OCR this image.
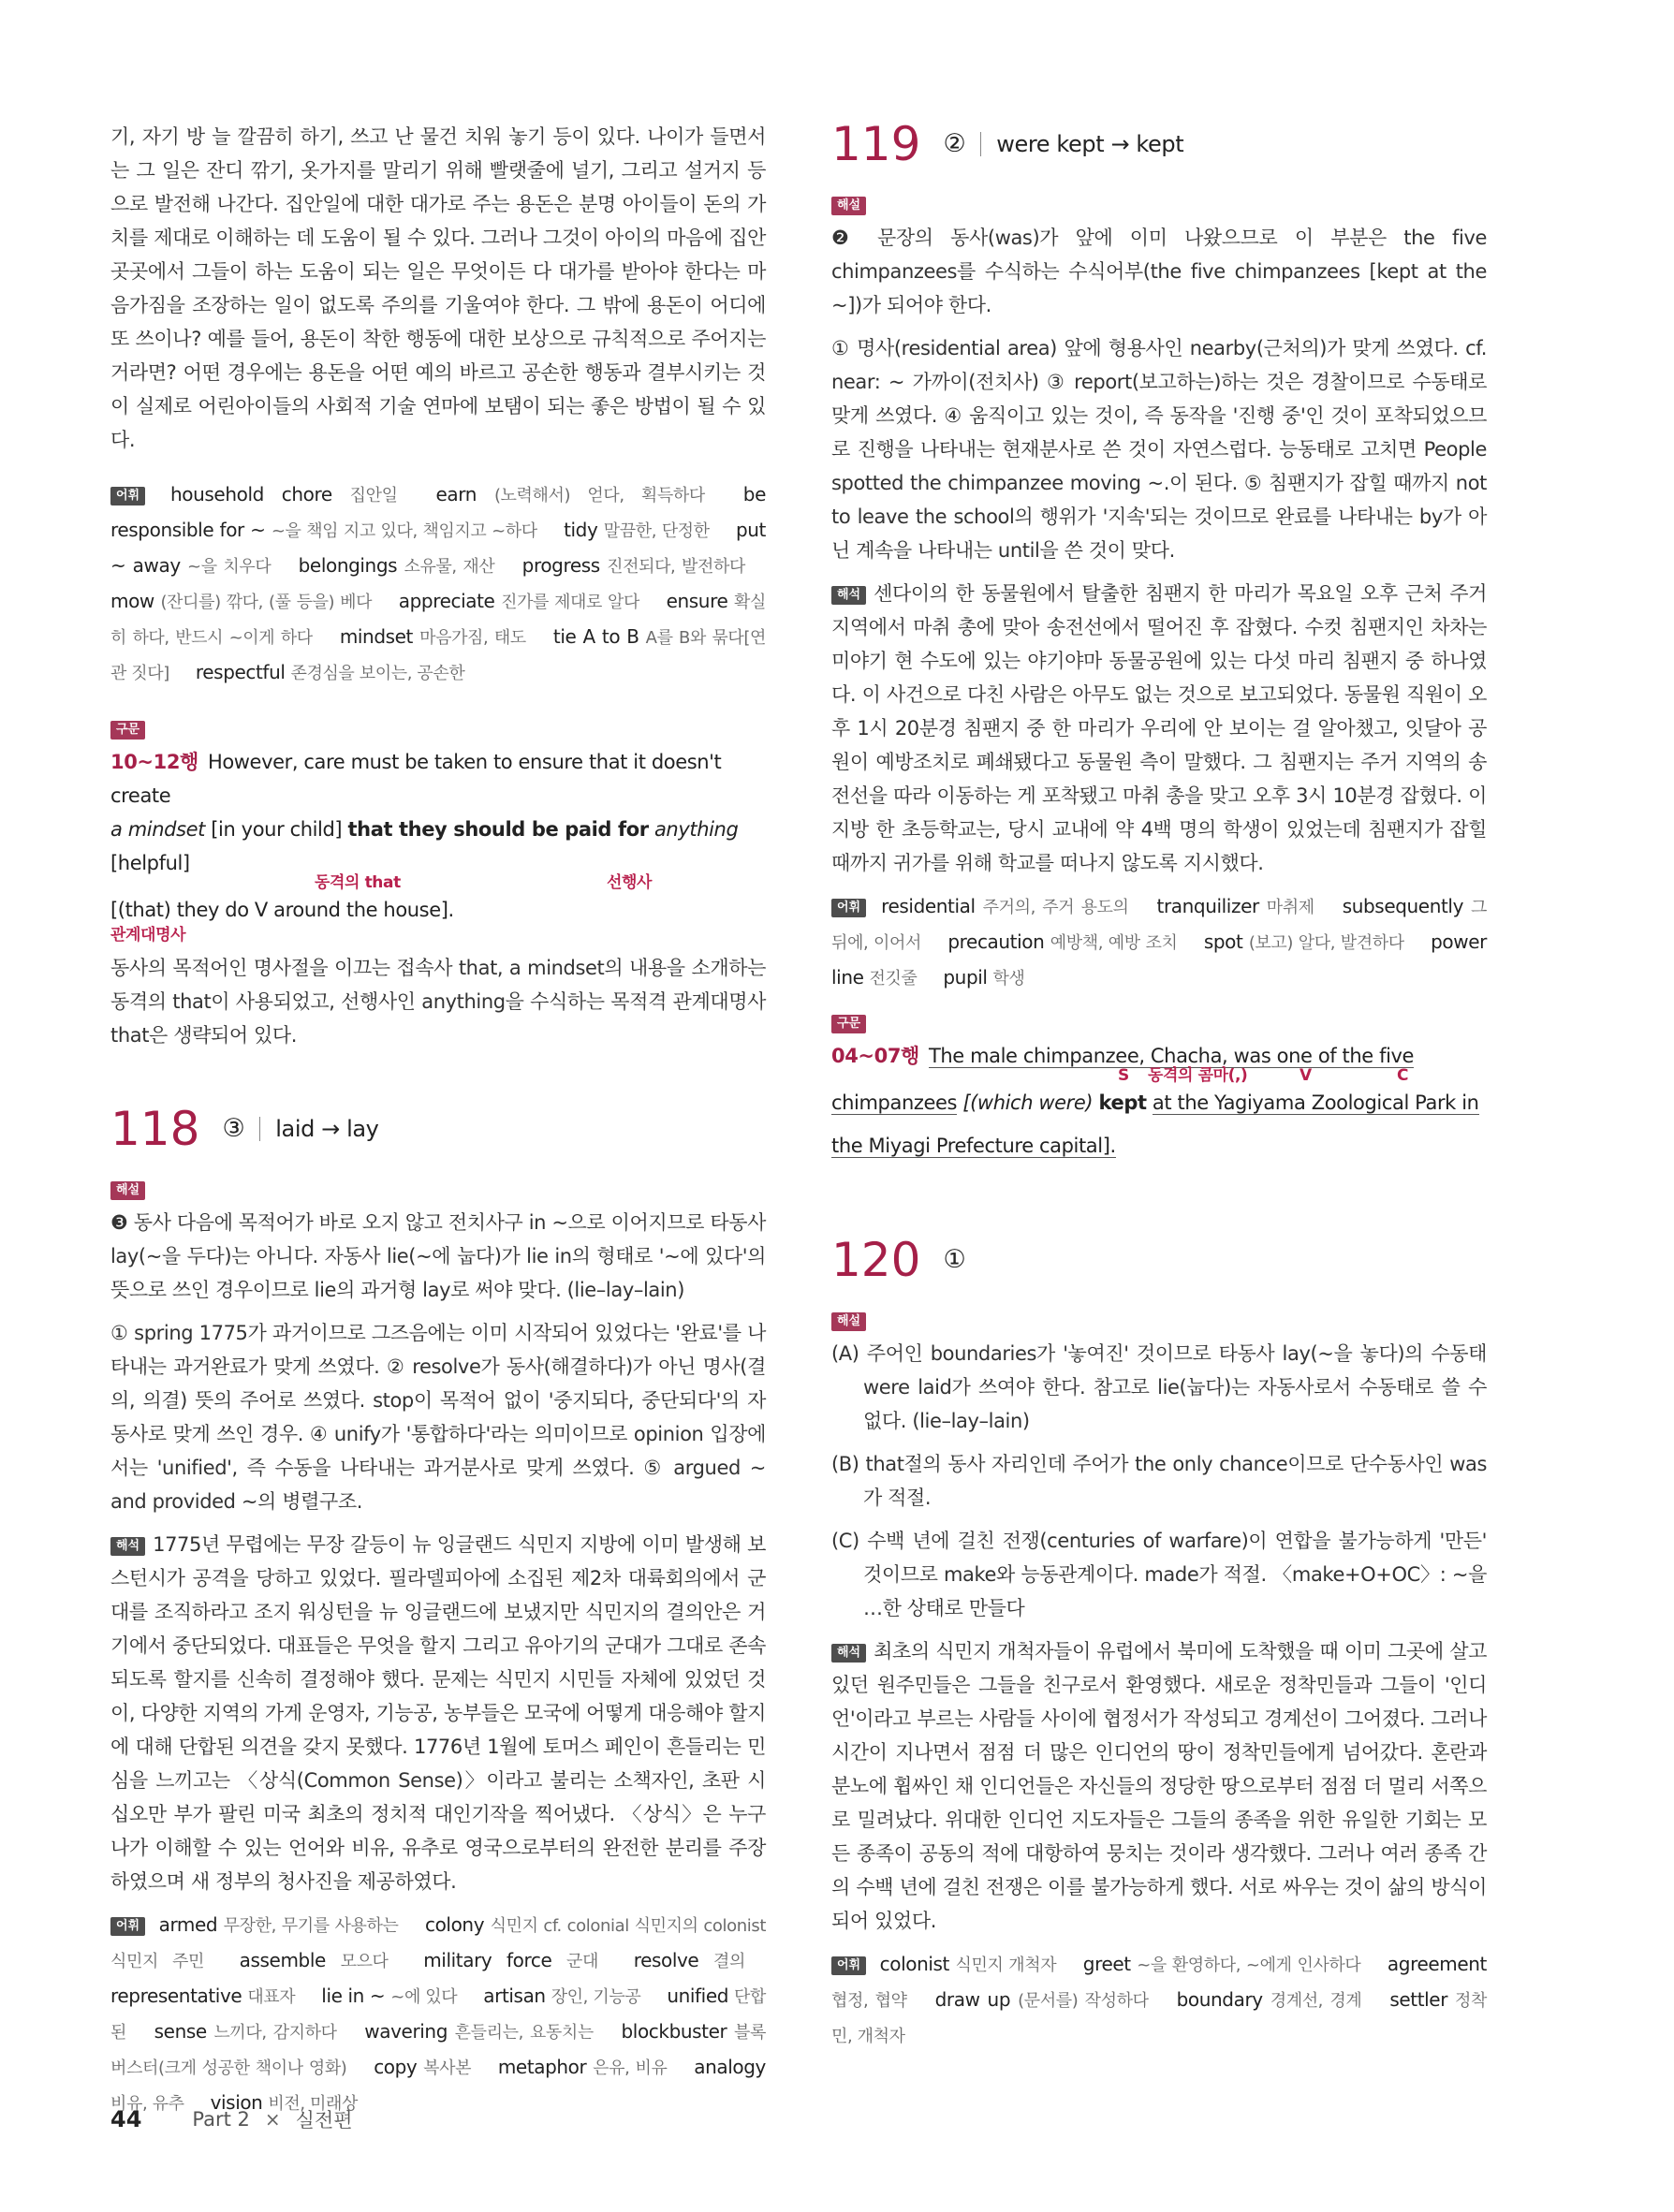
기, 자기 방 늘 깔끔히 하기, 쓰고 난 물건 치워 놓기 등이 있다. 나이가 들면서는 그 일은 잔디 깎기, 옷가지를 말리기 위해 빨랫줄에 널기, 그리고 설거지 등으로 발전해 나간다. 집안일에 대한 대가로 주는 용돈은 분명 아이들이 돈의 가치를 제대로 이해하는 데 도움이 될 수 있다. 그러나 그것이 아이의 마음에 집안 곳곳에서 그들이 하는 도움이 되는 일은 무엇이든 다 대가를 받아야 한다는 마음가짐을 조장하는 일이 없도록 주의를 기울여야 한다. 그 밖에 용돈이 어디에 또 쓰이나? 예를 들어, 용돈이 착한 행동에 대한 보상으로 규칙적으로 주어지는 거라면? 어떤 경우에는 용돈을 어떤 예의 바르고 공손한 행동과 결부시키는 것이 실제로 어린아이들의 사회적 기술 연마에 보탬이 되는 좋은 방법이 될 수 있다.

어휘 household chore 집안일 earn (노력해서) 얻다, 획득하다 be responsible for ~ ~을 책임 지고 있다, 책임지고 ~하다 tidy 말끔한, 단정한 put ~ away ~을 치우다 belongings 소유물, 재산 progress 진전되다, 발전하다 mow (잔디를) 깎다, (풀 등을) 베다 appreciate 진가를 제대로 알다 ensure 확실히 하다, 반드시 ~이게 하다 mindset 마음가짐, 태도 tie A to B A를 B와 묶다[연관 짓다] respectful 존경심을 보이는, 공손한

구문
10~12행 However, care must be taken to ensure that it doesn't create
a mindset [in your child] that they should be paid for anything [helpful]
동격의 that	선행사
[(that) they do V around the house].
관계대명사

동사의 목적어인 명사절을 이끄는 접속사 that, a mindset의 내용을 소개하는 동격의 that이 사용되었고, 선행사인 anything을 수식하는 목적격 관계대명사 that은 생략되어 있다.

118 ③ laid → lay
해설

❸ 동사 다음에 목적어가 바로 오지 않고 전치사구 in ~으로 이어지므로 타동사 lay(~을 두다)는 아니다. 자동사 lie(~에 눕다)가 lie in의 형태로 '~에 있다'의 뜻으로 쓰인 경우이므로 lie의 과거형 lay로 써야 맞다. (lie–lay–lain)

① spring 1775가 과거이므로 그즈음에는 이미 시작되어 있었다는 '완료'를 나타내는 과거완료가 맞게 쓰였다. ② resolve가 동사(해결하다)가 아닌 명사(결의, 의결) 뜻의 주어로 쓰였다. stop이 목적어 없이 '중지되다, 중단되다'의 자동사로 맞게 쓰인 경우. ④ unify가 '통합하다'라는 의미이므로 opinion 입장에서는 'unified', 즉 수동을 나타내는 과거분사로 맞게 쓰였다. ⑤ argued ~ and provided ~의 병렬구조.

해석 1775년 무렵에는 무장 갈등이 뉴 잉글랜드 식민지 지방에 이미 발생해 보스턴시가 공격을 당하고 있었다. 필라델피아에 소집된 제2차 대륙회의에서 군대를 조직하라고 조지 워싱턴을 뉴 잉글랜드에 보냈지만 식민지의 결의안은 거기에서 중단되었다. 대표들은 무엇을 할지 그리고 유아기의 군대가 그대로 존속되도록 할지를 신속히 결정해야 했다. 문제는 식민지 시민들 자체에 있었던 것이, 다양한 지역의 가게 운영자, 기능공, 농부들은 모국에 어떻게 대응해야 할지에 대해 단합된 의견을 갖지 못했다. 1776년 1월에 토머스 페인이 흔들리는 민심을 느끼고는 〈상식(Common Sense)〉이라고 불리는 소책자인, 초판 시 십오만 부가 팔린 미국 최초의 정치적 대인기작을 찍어냈다. 〈상식〉은 누구나가 이해할 수 있는 언어와 비유, 유추로 영국으로부터의 완전한 분리를 주장하였으며 새 정부의 청사진을 제공하였다.

어휘 armed 무장한, 무기를 사용하는 colony 식민지 cf. colonial 식민지의 colonist 식민지 주민 assemble 모으다 military force 군대 resolve 결의 representative 대표자 lie in ~ ~에 있다 artisan 장인, 기능공 unified 단합된 sense 느끼다, 감지하다 wavering 흔들리는, 요동치는 blockbuster 블록버스터(크게 성공한 책이나 영화) copy 복사본 metaphor 은유, 비유 analogy 비유, 유추 vision 비전, 미래상

119 ② were kept → kept
해설

❷ 문장의 동사(was)가 앞에 이미 나왔으므로 이 부분은 the five chimpanzees를 수식하는 수식어부(the five chimpanzees [kept at the ~])가 되어야 한다.

① 명사(residential area) 앞에 형용사인 nearby(근처의)가 맞게 쓰였다. cf. near: ~ 가까이(전치사) ③ report(보고하는)하는 것은 경찰이므로 수동태로 맞게 쓰였다. ④ 움직이고 있는 것이, 즉 동작을 '진행 중'인 것이 포착되었으므로 진행을 나타내는 현재분사로 쓴 것이 자연스럽다. 능동태로 고치면 People spotted the chimpanzee moving ~.이 된다. ⑤ 침팬지가 잡힐 때까지 not to leave the school의 행위가 '지속'되는 것이므로 완료를 나타내는 by가 아닌 계속을 나타내는 until을 쓴 것이 맞다.

해석 센다이의 한 동물원에서 탈출한 침팬지 한 마리가 목요일 오후 근처 주거 지역에서 마취 총에 맞아 송전선에서 떨어진 후 잡혔다. 수컷 침팬지인 차차는 미야기 현 수도에 있는 야기야마 동물공원에 있는 다섯 마리 침팬지 중 하나였다. 이 사건으로 다친 사람은 아무도 없는 것으로 보고되었다. 동물원 직원이 오후 1시 20분경 침팬지 중 한 마리가 우리에 안 보이는 걸 알아챘고, 잇달아 공원이 예방조치로 폐쇄됐다고 동물원 측이 말했다. 그 침팬지는 주거 지역의 송전선을 따라 이동하는 게 포착됐고 마취 총을 맞고 오후 3시 10분경 잡혔다. 이 지방 한 초등학교는, 당시 교내에 약 4백 명의 학생이 있었는데 침팬지가 잡힐 때까지 귀가를 위해 학교를 떠나지 않도록 지시했다.

어휘 residential 주거의, 주거 용도의 tranquilizer 마취제 subsequently 그 뒤에, 이어서 precaution 예방책, 예방 조치 spot (보고) 알다, 발견하다 power line 전깃줄 pupil 학생

구문
04~07행 The male chimpanzee, Chacha, was one of the five
S 동격의 콤마(,)	V	C
chimpanzees [(which were) kept at the Yagiyama Zoological Park in
the Miyagi Prefecture capital].
120 ①
해설

(A) 주어인 boundaries가 '놓여진' 것이므로 타동사 lay(~을 놓다)의 수동태 were laid가 쓰여야 한다. 참고로 lie(눕다)는 자동사로서 수동태로 쓸 수 없다. (lie–lay–lain)

(B) that절의 동사 자리인데 주어가 the only chance이므로 단수동사인 was가 적절.

(C) 수백 년에 걸친 전쟁(centuries of warfare)이 연합을 불가능하게 '만든' 것이므로 make와 능동관계이다. made가 적절. 〈make+O+OC〉: ~을 …한 상태로 만들다

해석 최초의 식민지 개척자들이 유럽에서 북미에 도착했을 때 이미 그곳에 살고 있던 원주민들은 그들을 친구로서 환영했다. 새로운 정착민들과 그들이 '인디언'이라고 부르는 사람들 사이에 협정서가 작성되고 경계선이 그어졌다. 그러나 시간이 지나면서 점점 더 많은 인디언의 땅이 정착민들에게 넘어갔다. 혼란과 분노에 휩싸인 채 인디언들은 자신들의 정당한 땅으로부터 점점 더 멀리 서쪽으로 밀려났다. 위대한 인디언 지도자들은 그들의 종족을 위한 유일한 기회는 모든 종족이 공동의 적에 대항하여 뭉치는 것이라 생각했다. 그러나 여러 종족 간의 수백 년에 걸친 전쟁은 이를 불가능하게 했다. 서로 싸우는 것이 삶의 방식이 되어 있었다.

어휘 colonist 식민지 개척자 greet ~을 환영하다, ~에게 인사하다 agreement 협정, 협약 draw up (문서를) 작성하다 boundary 경계선, 경계 settler 정착민, 개척자

44	Part 2 × 실전편
